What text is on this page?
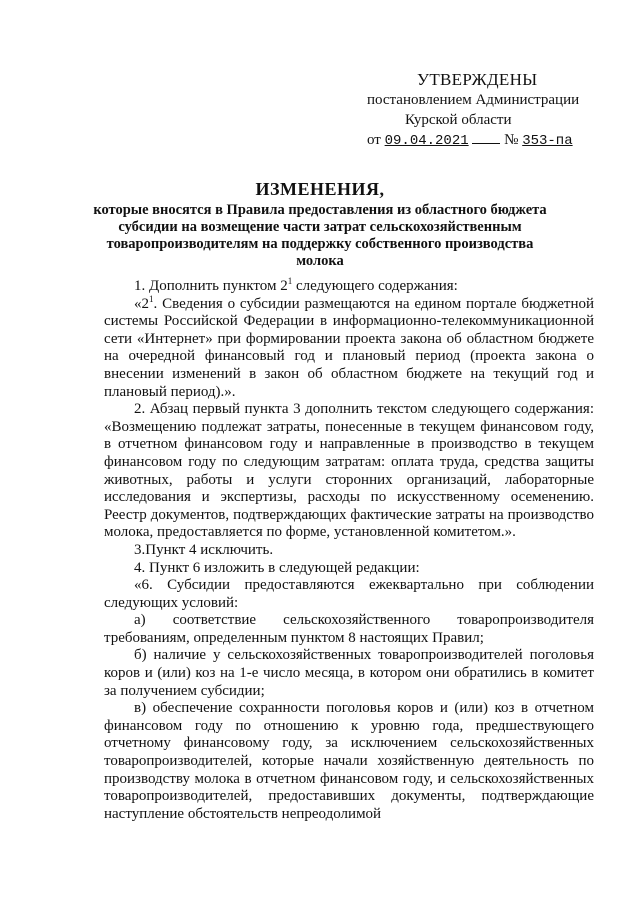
УТВЕРЖДЕНЫ
постановлением Администрации
Курской области
от 09.04.2021 № 353-па
ИЗМЕНЕНИЯ,
которые вносятся в Правила предоставления из областного бюджета субсидии на возмещение части затрат сельскохозяйственным товаропроизводителям на поддержку собственного производства молока

1. Дополнить пунктом $2^1$ следующего содержания:

«$2^1$. Сведения о субсидии размещаются на едином портале бюджетной системы Российской Федерации в информационно-телекоммуникационной сети «Интернет» при формировании проекта закона об областном бюджете на очередной финансовый год и плановый период (проекта закона о внесении изменений в закон об областном бюджете на текущий год и плановый период).».

2. Абзац первый пункта 3 дополнить текстом следующего содержания: «Возмещению подлежат затраты, понесенные в текущем финансовом году, в отчетном финансовом году и направленные в производство в текущем финансовом году по следующим затратам: оплата труда, средства защиты животных, работы и услуги сторонних организаций, лабораторные исследования и экспертизы, расходы по искусственному осеменению. Реестр документов, подтверждающих фактические затраты на производство молока, предоставляется по форме, установленной комитетом.».

3.Пункт 4 исключить.

4. Пункт 6 изложить в следующей редакции:

«6. Субсидии предоставляются ежеквартально при соблюдении следующих условий:

а) соответствие сельскохозяйственного товаропроизводителя требованиям, определенным пунктом 8 настоящих Правил;

б) наличие у сельскохозяйственных товаропроизводителей поголовья коров и (или) коз на 1-е число месяца, в котором они обратились в комитет за получением субсидии;

в) обеспечение сохранности поголовья коров и (или) коз в отчетном финансовом году по отношению к уровню года, предшествующего отчетному финансовому году, за исключением сельскохозяйственных товаропроизводителей, которые начали хозяйственную деятельность по производству молока в отчетном финансовом году, и сельскохозяйственных товаропроизводителей, предоставивших документы, подтверждающие наступление обстоятельств непреодолимой
